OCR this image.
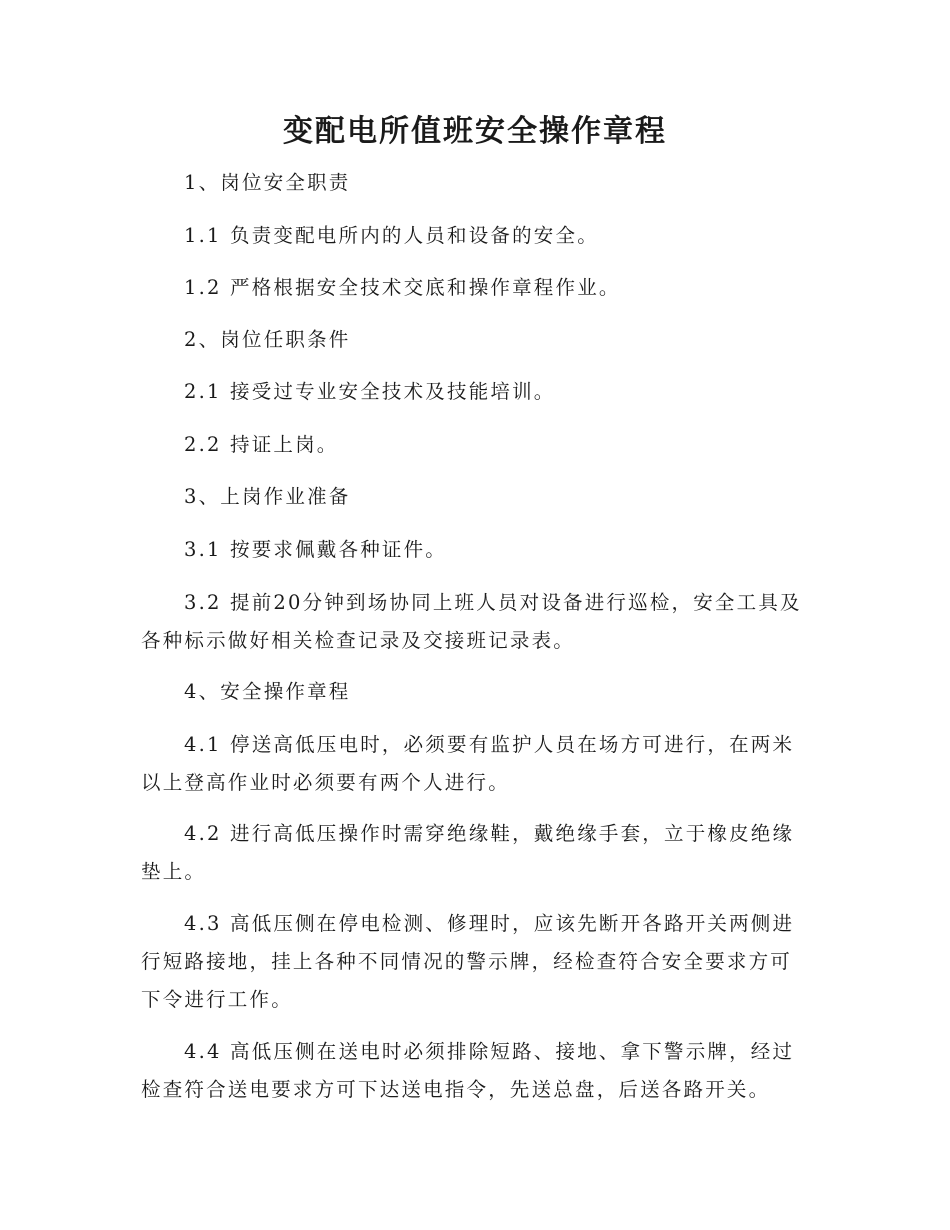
变配电所值班安全操作章程
1、岗位安全职责
1.1 负责变配电所内的人员和设备的安全。
1.2 严格根据安全技术交底和操作章程作业。
2、岗位任职条件
2.1 接受过专业安全技术及技能培训。
2.2 持证上岗。
3、上岗作业准备
3.1 按要求佩戴各种证件。
3.2 提前20分钟到场协同上班人员对设备进行巡检，安全工具及各种标示做好相关检查记录及交接班记录表。
4、安全操作章程
4.1 停送高低压电时，必须要有监护人员在场方可进行，在两米以上登高作业时必须要有两个人进行。
4.2 进行高低压操作时需穿绝缘鞋，戴绝缘手套，立于橡皮绝缘垫上。
4.3 高低压侧在停电检测、修理时，应该先断开各路开关两侧进行短路接地，挂上各种不同情况的警示牌，经检查符合安全要求方可下令进行工作。
4.4 高低压侧在送电时必须排除短路、接地、拿下警示牌，经过检查符合送电要求方可下达送电指令，先送总盘，后送各路开关。
